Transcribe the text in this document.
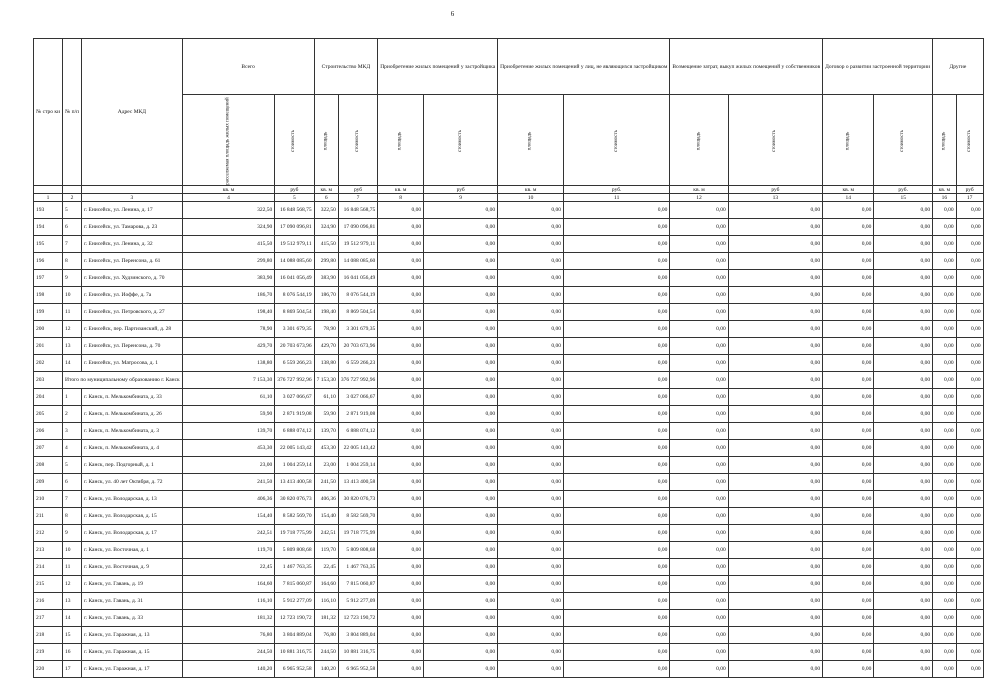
6
№ стро ки	№ п/п	Адрес МКД	Всего		Строительство МКД		Приобретение жилых помещений у застройщика		Приобретение жилых помещений у лиц, не являющихся застройщиком		Возмещение затрат, выкуп жилых помещений у собственников		Договор о развитии застроенной территории		Другие	
			расселяемая площадь жилых помещений	стоимость	площадь	стоимость	площадь	стоимость	площадь	стоимость	площадь	стоимость	площадь	стоимость	площадь	стоимость
			кв. м	руб	кв. м	руб	кв. м	руб	кв. м	руб.	кв. м	руб	кв. м	руб.	кв. м	руб
1	2	3	4	5	6	7	8	9	10	11	12	13	14	15	16	17
193	5	г. Енисейск, ул. Ленина, д. 17	322,50	16 848 568,75	322,50	16 848 568,75	0,00	0,00	0,00	0,00	0,00	0,00	0,00	0,00	0,00	0,00
194	6	г. Енисейск, ул. Тамарова, д. 23	324,90	17 090 096,81	324,90	17 090 096,81	0,00	0,00	0,00	0,00	0,00	0,00	0,00	0,00	0,00	0,00
195	7	г. Енисейск, ул. Ленина, д. 32	415,50	19 512 979,11	415,50	19 512 979,11	0,00	0,00	0,00	0,00	0,00	0,00	0,00	0,00	0,00	0,00
196	8	г. Енисейск, ул. Перенсона, д. 61	299,80	14 088 085,60	299,80	14 088 085,60	0,00	0,00	0,00	0,00	0,00	0,00	0,00	0,00	0,00	0,00
197	9	г. Енисейск, ул. Худзинского, д. 70	383,90	16 041 056,49	383,90	16 041 056,49	0,00	0,00	0,00	0,00	0,00	0,00	0,00	0,00	0,00	0,00
198	10	г. Енисейск, ул. Иоффе, д. 7а	186,70	8 076 544,19	186,70	8 076 544,19	0,00	0,00	0,00	0,00	0,00	0,00	0,00	0,00	0,00	0,00
199	11	г. Енисейск, ул. Петровского, д. 27	198,40	8 869 504,54	198,40	8 869 504,54	0,00	0,00	0,00	0,00	0,00	0,00	0,00	0,00	0,00	0,00
200	12	г. Енисейск, пер. Партизанский, д. 28	78,90	3 301 679,35	78,90	3 301 679,35	0,00	0,00	0,00	0,00	0,00	0,00	0,00	0,00	0,00	0,00
201	13	г. Енисейск, ул. Перенсона, д. 70	429,70	20 703 673,96	429,70	20 703 673,96	0,00	0,00	0,00	0,00	0,00	0,00	0,00	0,00	0,00	0,00
202	14	г. Енисейск, ул. Матросова, д. 1	138,80	6 559 266,23	138,80	6 559 266,23	0,00	0,00	0,00	0,00	0,00	0,00	0,00	0,00	0,00	0,00
203	Итого по муниципальному образованию г. Канск		7 153,30	376 727 992,96	7 153,30	376 727 992,96	0,00	0,00	0,00	0,00	0,00	0,00	0,00	0,00	0,00	0,00
204	1	г. Канск, п. Мелькомбината, д. 33	61,10	3 027 066,67	61,10	3 027 066,67	0,00	0,00	0,00	0,00	0,00	0,00	0,00	0,00	0,00	0,00
205	2	г. Канск, п. Мелькомбината, д. 26	59,90	2 871 919,08	59,90	2 871 919,08	0,00	0,00	0,00	0,00	0,00	0,00	0,00	0,00	0,00	0,00
206	3	г. Канск, п. Мелькомбината, д. 3	139,70	6 888 074,12	139,70	6 888 074,12	0,00	0,00	0,00	0,00	0,00	0,00	0,00	0,00	0,00	0,00
207	4	г. Канск, п. Мелькомбината, д. 4	453,30	22 005 143,42	453,30	22 005 143,42	0,00	0,00	0,00	0,00	0,00	0,00	0,00	0,00	0,00	0,00
208	5	г. Канск, пер. Подгорный, д. 1	23,00	1 004 259,14	23,00	1 004 259,14	0,00	0,00	0,00	0,00	0,00	0,00	0,00	0,00	0,00	0,00
209	6	г. Канск, ул. 40 лет Октября, д. 72	241,50	13 413 400,58	241,50	13 413 400,58	0,00	0,00	0,00	0,00	0,00	0,00	0,00	0,00	0,00	0,00
210	7	г. Канск, ул. Володарская, д. 13	406,36	30 820 076,73	406,36	30 820 076,73	0,00	0,00	0,00	0,00	0,00	0,00	0,00	0,00	0,00	0,00
211	8	г. Канск, ул. Володарская, д. 15	154,40	8 582 569,70	154,40	8 582 569,70	0,00	0,00	0,00	0,00	0,00	0,00	0,00	0,00	0,00	0,00
212	9	г. Канск, ул. Володарская, д. 17	242,51	19 718 775,99	242,51	19 718 775,99	0,00	0,00	0,00	0,00	0,00	0,00	0,00	0,00	0,00	0,00
213	10	г. Канск, ул. Восточная, д. 1	119,70	5 809 808,68	119,70	5 809 808,68	0,00	0,00	0,00	0,00	0,00	0,00	0,00	0,00	0,00	0,00
214	11	г. Канск, ул. Восточная, д. 9	22,45	1 467 763,35	22,45	1 467 763,35	0,00	0,00	0,00	0,00	0,00	0,00	0,00	0,00	0,00	0,00
215	12	г. Канск, ул. Гавань, д. 19	164,60	7 815 060,87	164,60	7 815 060,87	0,00	0,00	0,00	0,00	0,00	0,00	0,00	0,00	0,00	0,00
216	13	г. Канск, ул. Гавань, д. 31	116,10	5 912 277,09	116,10	5 912 277,09	0,00	0,00	0,00	0,00	0,00	0,00	0,00	0,00	0,00	0,00
217	14	г. Канск, ул. Гавань, д. 33	181,32	12 723 190,72	181,32	12 723 190,72	0,00	0,00	0,00	0,00	0,00	0,00	0,00	0,00	0,00	0,00
218	15	г. Канск, ул. Гаражная, д. 13	76,80	3 804 889,04	76,80	3 804 889,04	0,00	0,00	0,00	0,00	0,00	0,00	0,00	0,00	0,00	0,00
219	16	г. Канск, ул. Гаражная, д. 15	244,50	10 881 316,75	244,50	10 881 316,75	0,00	0,00	0,00	0,00	0,00	0,00	0,00	0,00	0,00	0,00
220	17	г. Канск, ул. Гаражная, д. 17	140,20	6 965 952,58	140,20	6 965 952,58	0,00	0,00	0,00	0,00	0,00	0,00	0,00	0,00	0,00	0,00
